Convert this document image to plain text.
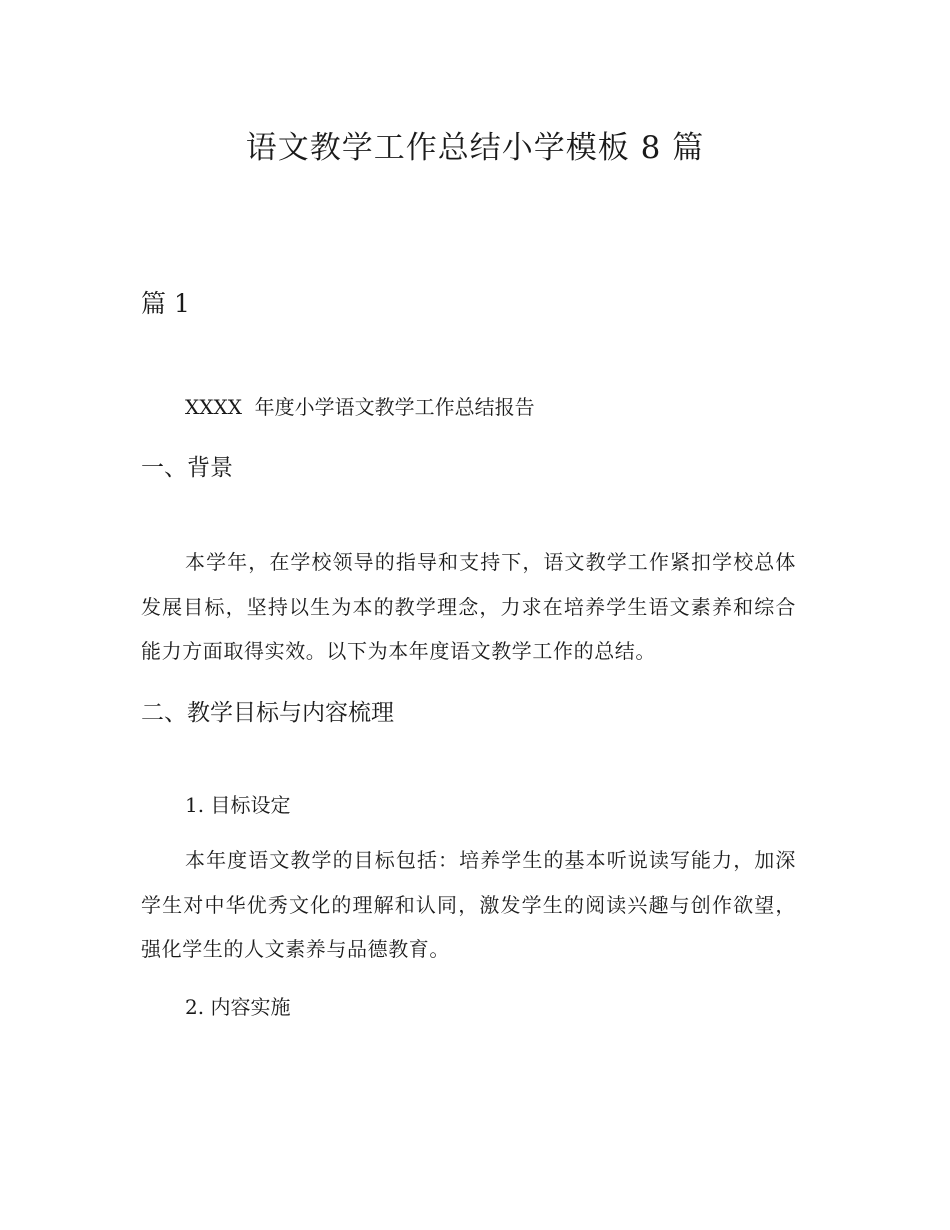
语文教学工作总结小学模板 8 篇
篇 1

XXXX  年度小学语文教学工作总结报告

一、背景

本学年，在学校领导的指导和支持下，语文教学工作紧扣学校总体发展目标，坚持以生为本的教学理念，力求在培养学生语文素养和综合能力方面取得实效。以下为本年度语文教学工作的总结。

二、教学目标与内容梳理

1. 目标设定

本年度语文教学的目标包括：培养学生的基本听说读写能力，加深学生对中华优秀文化的理解和认同，激发学生的阅读兴趣与创作欲望，强化学生的人文素养与品德教育。

2. 内容实施
